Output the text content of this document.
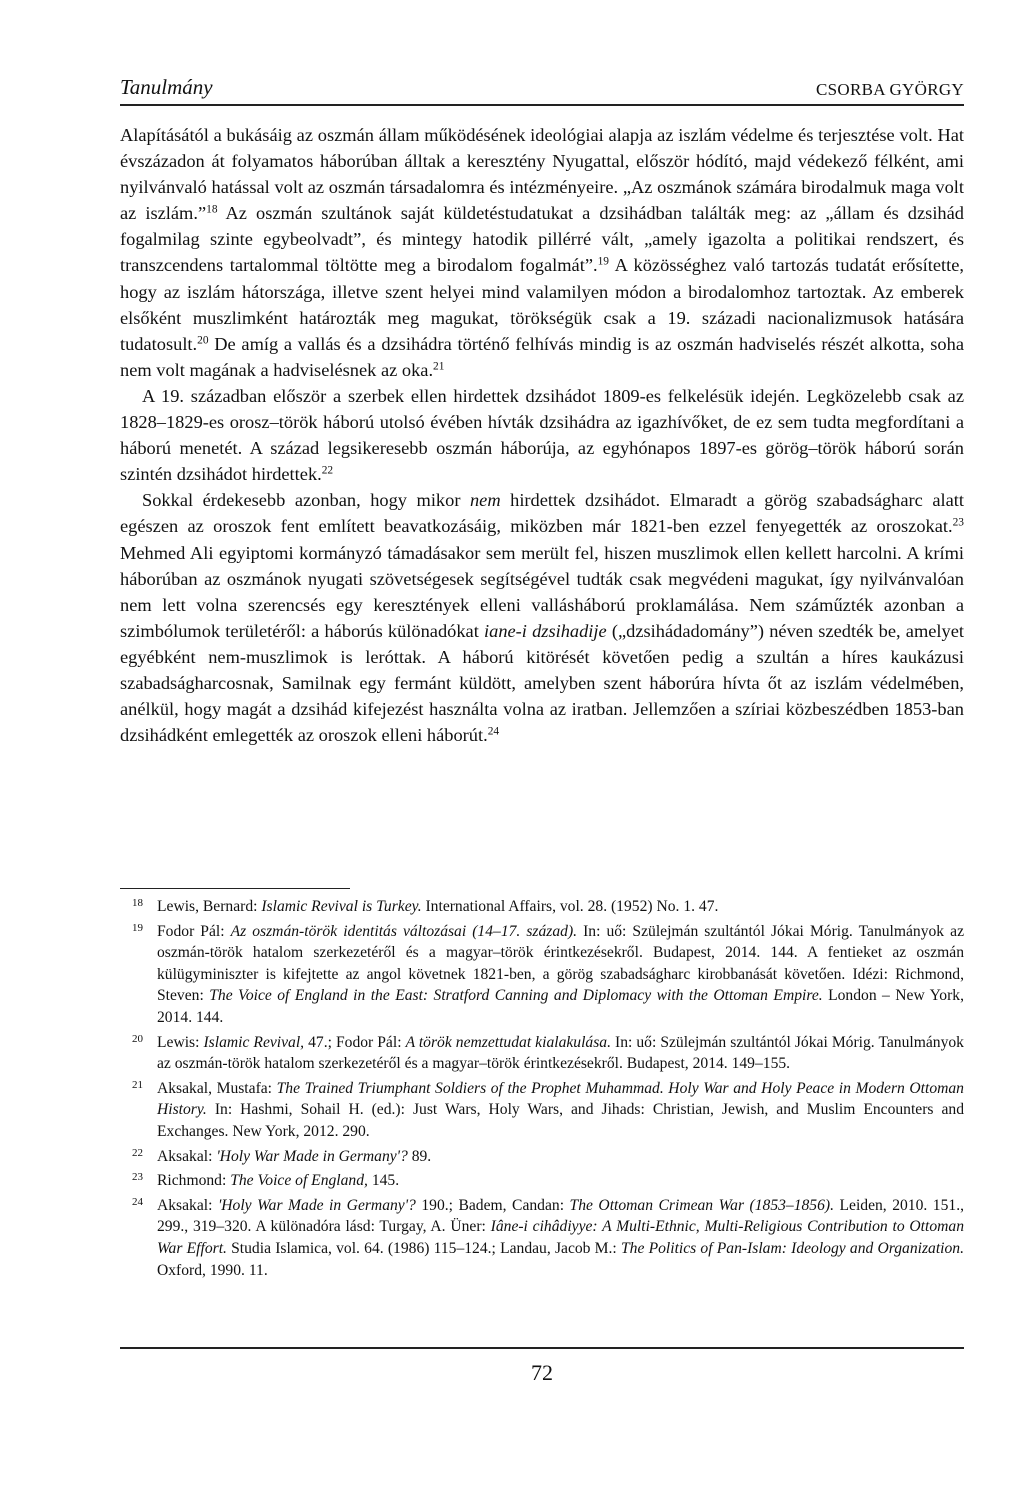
Tanulmány	CSORBA GYÖRGY

Alapításától a bukásáig az oszmán állam működésének ideológiai alapja az iszlám védelme és terjesztése volt. Hat évszázadon át folyamatos háborúban álltak a keresztény Nyugattal, először hódító, majd védekező félként, ami nyilvánvaló hatással volt az oszmán társadalomra és intézményeire. „Az oszmánok számára birodalmuk maga volt az iszlám.”$^{18}$ Az oszmán szultánok saját küldetéstudatukat a dzsihádban találták meg: az „állam és dzsihád fogalmilag szinte egybeolvadt”, és mintegy hatodik pillérré vált, „amely igazolta a politikai rendszert, és transzcendens tartalommal töltötte meg a birodalom fogalmát”.$^{19}$ A közösséghez való tartozás tudatát erősítette, hogy az iszlám hátországa, illetve szent helyei mind valamilyen módon a birodalomhoz tartoztak. Az emberek elsőként muszlimként határozták meg magukat, törökségük csak a 19. századi nacionalizmusok hatására tudatosult.$^{20}$ De amíg a vallás és a dzsihádra történő felhívás mindig is az oszmán hadviselés részét alkotta, soha nem volt magának a hadviselésnek az oka.$^{21}$

A 19. században először a szerbek ellen hirdettek dzsihádot 1809-es felkelésük idején. Legközelebb csak az 1828–1829-es orosz–török háború utolsó évében hívták dzsihádra az igazhívőket, de ez sem tudta megfordítani a háború menetét. A század legsikeresebb oszmán háborúja, az egyhónapos 1897-es görög–török háború során szintén dzsihádot hirdettek.$^{22}$

Sokkal érdekesebb azonban, hogy mikor nem hirdettek dzsihádot. Elmaradt a görög szabadságharc alatt egészen az oroszok fent említett beavatkozásáig, miközben már 1821-ben ezzel fenyegették az oroszokat.$^{23}$ Mehmed Ali egyiptomi kormányzó támadásakor sem merült fel, hiszen muszlimok ellen kellett harcolni. A krími háborúban az oszmánok nyugati szövetségesek segítségével tudták csak megvédeni magukat, így nyilvánvalóan nem lett volna szerencsés egy keresztények elleni vallásháború proklamálása. Nem száműzték azonban a szimbólumok területéről: a háborús különadókat iane-i dzsihadije („dzsihádadomány”) néven szedték be, amelyet egyébként nem-muszlimok is leróttak. A háború kitörését követően pedig a szultán a híres kaukázusi szabadságharcosnak, Samilnak egy fermánt küldött, amelyben szent háborúra hívta őt az iszlám védelmében, anélkül, hogy magát a dzsihád kifejezést használta volna az iratban. Jellemzően a szíriai közbeszédben 1853-ban dzsihádként emlegették az oroszok elleni háborút.$^{24}$

18 Lewis, Bernard: Islamic Revival is Turkey. International Affairs, vol. 28. (1952) No. 1. 47.
19 Fodor Pál: Az oszmán-török identitás változásai (14–17. század). In: uő: Szülejmán szultántól Jókai Mórig. Tanulmányok az oszmán-török hatalom szerkezetéről és a magyar–török érintkezésekről. Budapest, 2014. 144. A fentieket az oszmán külügyminiszter is kifejtette az angol követnek 1821-ben, a görög szabadságharc kirobbanását követően. Idézi: Richmond, Steven: The Voice of England in the East: Stratford Canning and Diplomacy with the Ottoman Empire. London – New York, 2014. 144.
20 Lewis: Islamic Revival, 47.; Fodor Pál: A török nemzettudat kialakulása. In: uő: Szülejmán szultántól Jókai Mórig. Tanulmányok az oszmán-török hatalom szerkezetéről és a magyar–török érintkezésekről. Budapest, 2014. 149–155.
21 Aksakal, Mustafa: The Trained Triumphant Soldiers of the Prophet Muhammad. Holy War and Holy Peace in Modern Ottoman History. In: Hashmi, Sohail H. (ed.): Just Wars, Holy Wars, and Jihads: Christian, Jewish, and Muslim Encounters and Exchanges. New York, 2012. 290.
22 Aksakal: 'Holy War Made in Germany'? 89.
23 Richmond: The Voice of England, 145.
24 Aksakal: 'Holy War Made in Germany'? 190.; Badem, Candan: The Ottoman Crimean War (1853–1856). Leiden, 2010. 151., 299., 319–320. A különadóra lásd: Turgay, A. Üner: Iâne-i cihâdiyye: A Multi-Ethnic, Multi-Religious Contribution to Ottoman War Effort. Studia Islamica, vol. 64. (1986) 115–124.; Landau, Jacob M.: The Politics of Pan-Islam: Ideology and Organization. Oxford, 1990. 11.
72
